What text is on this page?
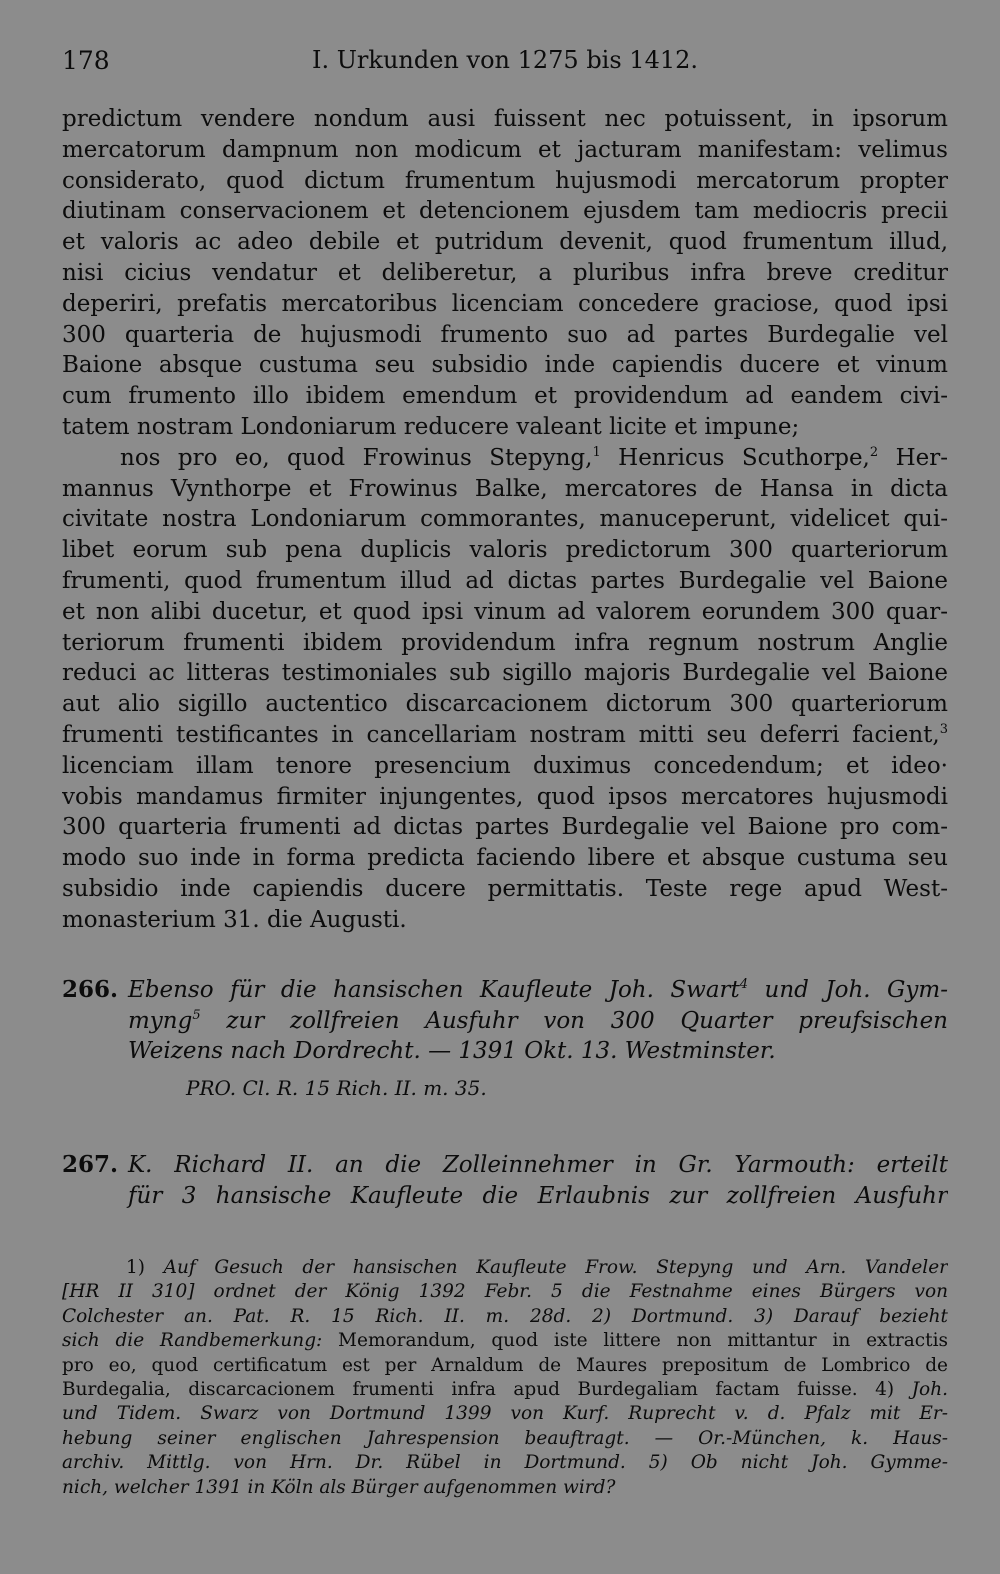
178	I. Urkunden von 1275 bis 1412.
predictum vendere nondum ausi fuissent nec potuissent, in ipsorum
mercatorum dampnum non modicum et jacturam manifestam: velimus
considerato, quod dictum frumentum hujusmodi mercatorum propter
diutinam conservacionem et detencionem ejusdem tam mediocris precii
et valoris ac adeo debile et putridum devenit, quod frumentum illud,
nisi cicius vendatur et deliberetur, a pluribus infra breve creditur
deperiri, prefatis mercatoribus licenciam concedere graciose, quod ipsi
300 quarteria de hujusmodi frumento suo ad partes Burdegalie vel
Baione absque custuma seu subsidio inde capiendis ducere et vinum
cum frumento illo ibidem emendum et providendum ad eandem civi-
tatem nostram Londoniarum reducere valeant licite et impune;
nos pro eo, quod Frowinus Stepyng,$^1$ Henricus Scuthorpe,$^2$ Her-
mannus Vynthorpe et Frowinus Balke, mercatores de Hansa in dicta
civitate nostra Londoniarum commorantes, manuceperunt, videlicet qui-
libet eorum sub pena duplicis valoris predictorum 300 quarteriorum
frumenti, quod frumentum illud ad dictas partes Burdegalie vel Baione
et non alibi ducetur, et quod ipsi vinum ad valorem eorundem 300 quar-
teriorum frumenti ibidem providendum infra regnum nostrum Anglie
reduci ac litteras testimoniales sub sigillo majoris Burdegalie vel Baione
aut alio sigillo auctentico discarcacionem dictorum 300 quarteriorum
frumenti testificantes in cancellariam nostram mitti seu deferri facient,$^3$
licenciam illam tenore presencium duximus concedendum; et ideo·
vobis mandamus firmiter injungentes, quod ipsos mercatores hujusmodi
300 quarteria frumenti ad dictas partes Burdegalie vel Baione pro com-
modo suo inde in forma predicta faciendo libere et absque custuma seu
subsidio inde capiendis ducere permittatis. Teste rege apud West-
monasterium 31. die Augusti.
266. Ebenso für die hansischen Kaufleute Joh. Swart$^4$ und Joh. Gym-
myng$^5$ zur zollfreien Ausfuhr von 300 Quarter preufsischen
Weizens nach Dordrecht. — 1391 Okt. 13. Westminster.
PRO. Cl. R. 15 Rich. II. m. 35.
267. K. Richard II. an die Zolleinnehmer in Gr. Yarmouth: erteilt
für 3 hansische Kaufleute die Erlaubnis zur zollfreien Ausfuhr
1) Auf Gesuch der hansischen Kaufleute Frow. Stepyng und Arn. Vandeler
[HR II 310] ordnet der König 1392 Febr. 5 die Festnahme eines Bürgers von
Colchester an. Pat. R. 15 Rich. II. m. 28d. 2) Dortmund. 3) Darauf bezieht
sich die Randbemerkung: Memorandum, quod iste littere non mittantur in extractis
pro eo, quod certificatum est per Arnaldum de Maures prepositum de Lombrico de
Burdegalia, discarcacionem frumenti infra apud Burdegaliam factam fuisse. 4) Joh.
und Tidem. Swarz von Dortmund 1399 von Kurf. Ruprecht v. d. Pfalz mit Er-
hebung seiner englischen Jahrespension beauftragt. — Or.-München, k. Haus-
archiv. Mittlg. von Hrn. Dr. Rübel in Dortmund. 5) Ob nicht Joh. Gymme-
nich, welcher 1391 in Köln als Bürger aufgenommen wird?
